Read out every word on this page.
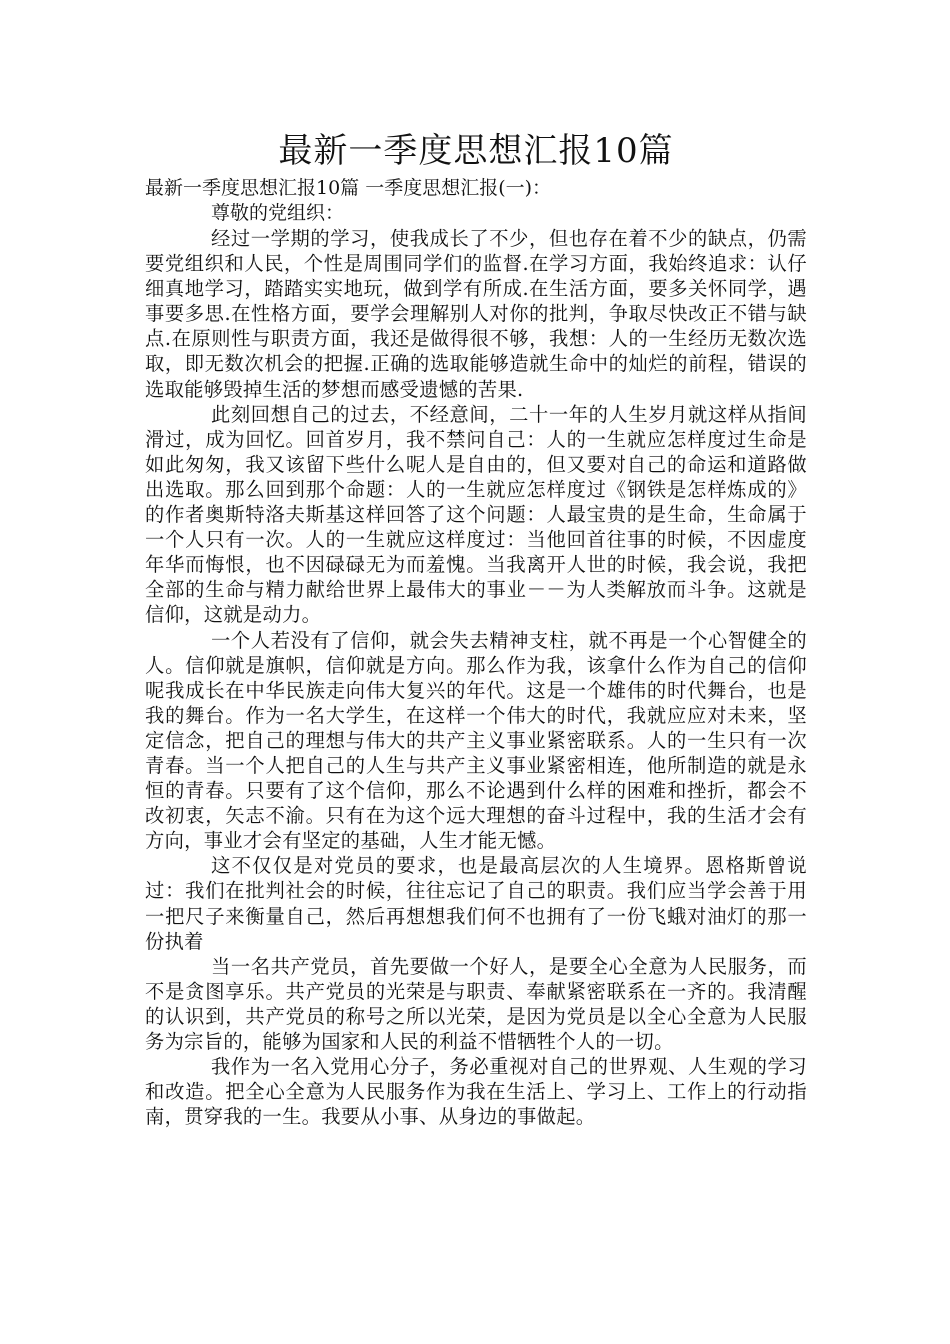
最新一季度思想汇报10篇

最新一季度思想汇报10篇 一季度思想汇报(一)：

尊敬的党组织：

经过一学期的学习，使我成长了不少，但也存在着不少的缺点，仍需要党组织和人民，个性是周围同学们的监督.在学习方面，我始终追求：认仔细真地学习，踏踏实实地玩，做到学有所成.在生活方面，要多关怀同学，遇事要多思.在性格方面，要学会理解别人对你的批判，争取尽快改正不错与缺点.在原则性与职责方面，我还是做得很不够，我想：人的一生经历无数次选取，即无数次机会的把握.正确的选取能够造就生命中的灿烂的前程，错误的选取能够毁掉生活的梦想而感受遗憾的苦果.

此刻回想自己的过去，不经意间，二十一年的人生岁月就这样从指间滑过，成为回忆。回首岁月，我不禁问自己：人的一生就应怎样度过生命是如此匆匆，我又该留下些什么呢人是自由的，但又要对自己的命运和道路做出选取。那么回到那个命题：人的一生就应怎样度过《钢铁是怎样炼成的》的作者奥斯特洛夫斯基这样回答了这个问题：人最宝贵的是生命，生命属于一个人只有一次。人的一生就应这样度过：当他回首往事的时候，不因虚度年华而悔恨，也不因碌碌无为而羞愧。当我离开人世的时候，我会说，我把全部的生命与精力献给世界上最伟大的事业－－为人类解放而斗争。这就是信仰，这就是动力。

一个人若没有了信仰，就会失去精神支柱，就不再是一个心智健全的人。信仰就是旗帜，信仰就是方向。那么作为我，该拿什么作为自己的信仰呢我成长在中华民族走向伟大复兴的年代。这是一个雄伟的时代舞台，也是我的舞台。作为一名大学生，在这样一个伟大的时代，我就应应对未来，坚定信念，把自己的理想与伟大的共产主义事业紧密联系。人的一生只有一次青春。当一个人把自己的人生与共产主义事业紧密相连，他所制造的就是永恒的青春。只要有了这个信仰，那么不论遇到什么样的困难和挫折，都会不改初衷，矢志不渝。只有在为这个远大理想的奋斗过程中，我的生活才会有方向，事业才会有坚定的基础，人生才能无憾。

这不仅仅是对党员的要求，也是最高层次的人生境界。恩格斯曾说过：我们在批判社会的时候，往往忘记了自己的职责。我们应当学会善于用一把尺子来衡量自己，然后再想想我们何不也拥有了一份飞蛾对油灯的那一份执着

当一名共产党员，首先要做一个好人，是要全心全意为人民服务，而不是贪图享乐。共产党员的光荣是与职责、奉献紧密联系在一齐的。我清醒的认识到，共产党员的称号之所以光荣，是因为党员是以全心全意为人民服务为宗旨的，能够为国家和人民的利益不惜牺牲个人的一切。

我作为一名入党用心分子，务必重视对自己的世界观、人生观的学习和改造。把全心全意为人民服务作为我在生活上、学习上、工作上的行动指南，贯穿我的一生。我要从小事、从身边的事做起。
